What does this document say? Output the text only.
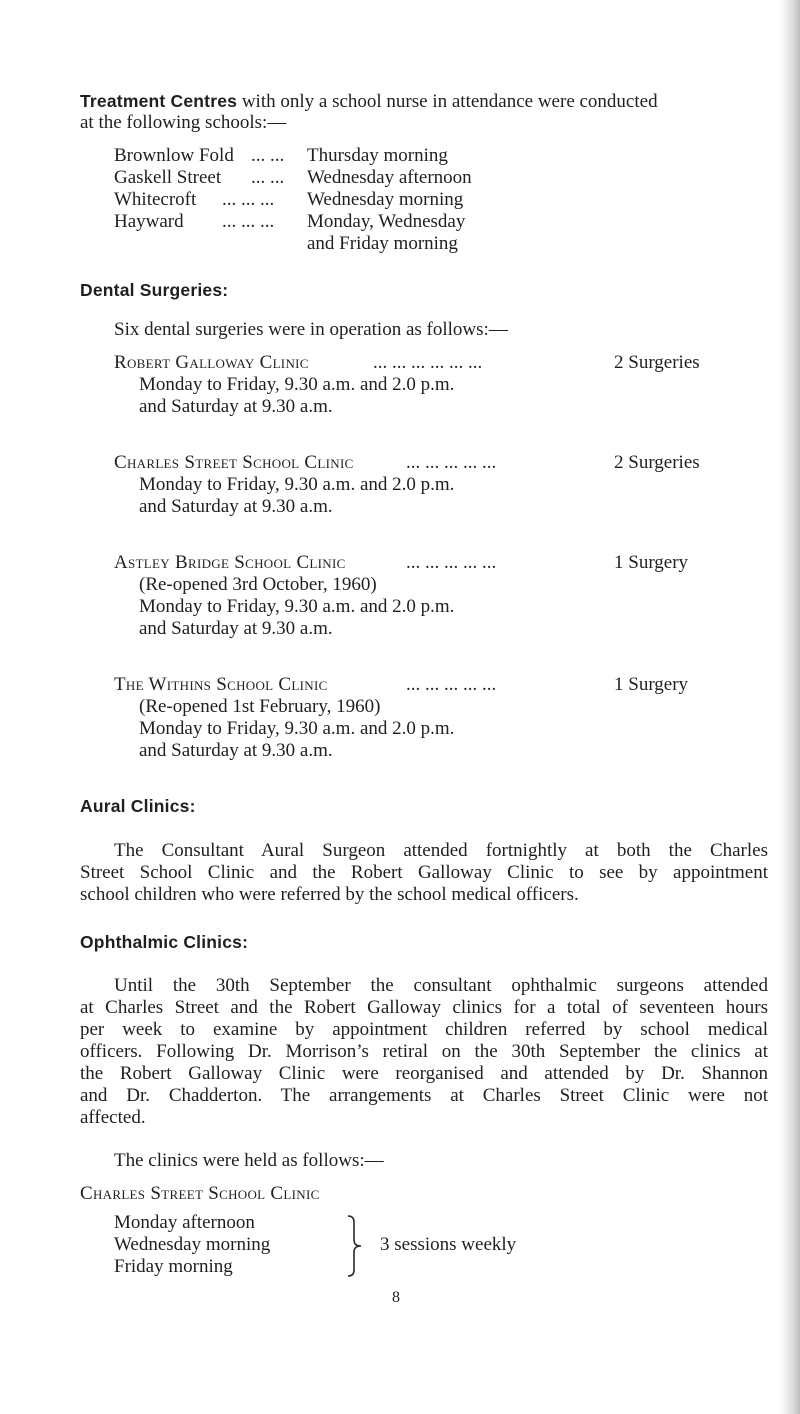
Treatment Centres with only a school nurse in attendance were conducted
at the following schools:—
Brownlow Fold ... ... Thursday morning
Gaskell Street ... ... Wednesday afternoon
Whitecroft ... ... ... Wednesday morning
Hayward ... ... ... Monday, Wednesday
and Friday morning
Dental Surgeries:
Six dental surgeries were in operation as follows:—
Robert Galloway Clinic	... ... ... ... ... ...	2 Surgeries
Monday to Friday, 9.30 a.m. and 2.0 p.m.
and Saturday at 9.30 a.m.
Charles Street School Clinic	... ... ... ... ...	2 Surgeries
Monday to Friday, 9.30 a.m. and 2.0 p.m.
and Saturday at 9.30 a.m.
Astley Bridge School Clinic	... ... ... ... ...	1 Surgery
(Re-opened 3rd October, 1960)
Monday to Friday, 9.30 a.m. and 2.0 p.m.
and Saturday at 9.30 a.m.
The Withins School Clinic	... ... ... ... ...	1 Surgery
(Re-opened 1st February, 1960)
Monday to Friday, 9.30 a.m. and 2.0 p.m.
and Saturday at 9.30 a.m.
Aural Clinics:
The Consultant Aural Surgeon attended fortnightly at both the Charles
Street School Clinic and the Robert Galloway Clinic to see by appointment
school children who were referred by the school medical officers.
Ophthalmic Clinics:
Until the 30th September the consultant ophthalmic surgeons attended
at Charles Street and the Robert Galloway clinics for a total of seventeen hours
per week to examine by appointment children referred by school medical
officers. Following Dr. Morrison’s retiral on the 30th September the clinics at
the Robert Galloway Clinic were reorganised and attended by Dr. Shannon
and Dr. Chadderton. The arrangements at Charles Street Clinic were not
affected.
The clinics were held as follows:—
Charles Street School Clinic
Monday afternoon
Wednesday morning
Friday morning
3 sessions weekly
8
